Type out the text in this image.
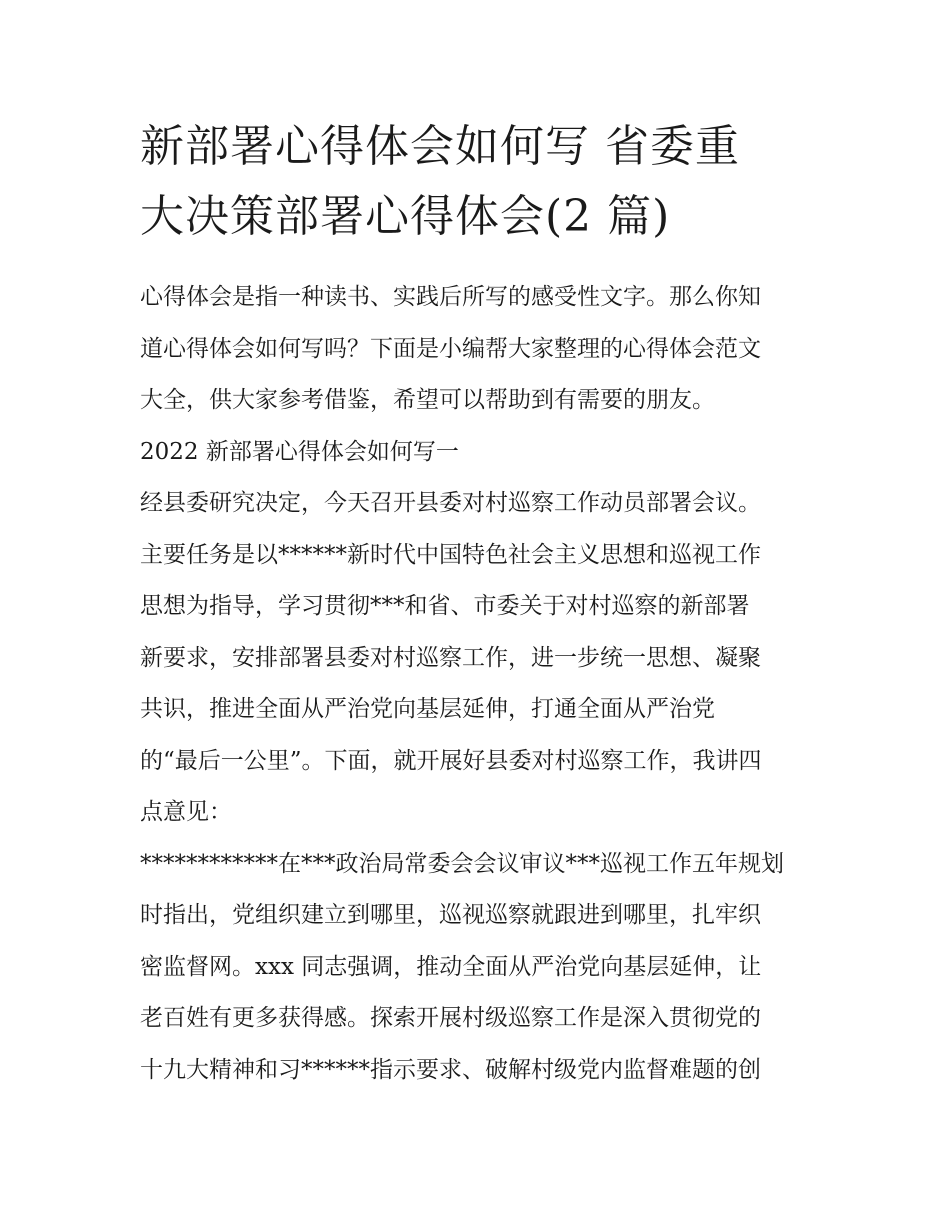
新部署心得体会如何写 省委重
大决策部署心得体会(2 篇)

心得体会是指一种读书、实践后所写的感受性文字。那么你知
道心得体会如何写吗？下面是小编帮大家整理的心得体会范文
大全，供大家参考借鉴，希望可以帮助到有需要的朋友。

2022 新部署心得体会如何写一

经县委研究决定，今天召开县委对村巡察工作动员部署会议。
主要任务是以******新时代中国特色社会主义思想和巡视工作
思想为指导，学习贯彻***和省、市委关于对村巡察的新部署
新要求，安排部署县委对村巡察工作，进一步统一思想、凝聚
共识，推进全面从严治党向基层延伸，打通全面从严治党
的“最后一公里”。下面，就开展好县委对村巡察工作，我讲四
点意见：

************在***政治局常委会会议审议***巡视工作五年规划
时指出，党组织建立到哪里，巡视巡察就跟进到哪里，扎牢织
密监督网。xxx 同志强调，推动全面从严治党向基层延伸，让
老百姓有更多获得感。探索开展村级巡察工作是深入贯彻党的
十九大精神和习******指示要求、破解村级党内监督难题的创
